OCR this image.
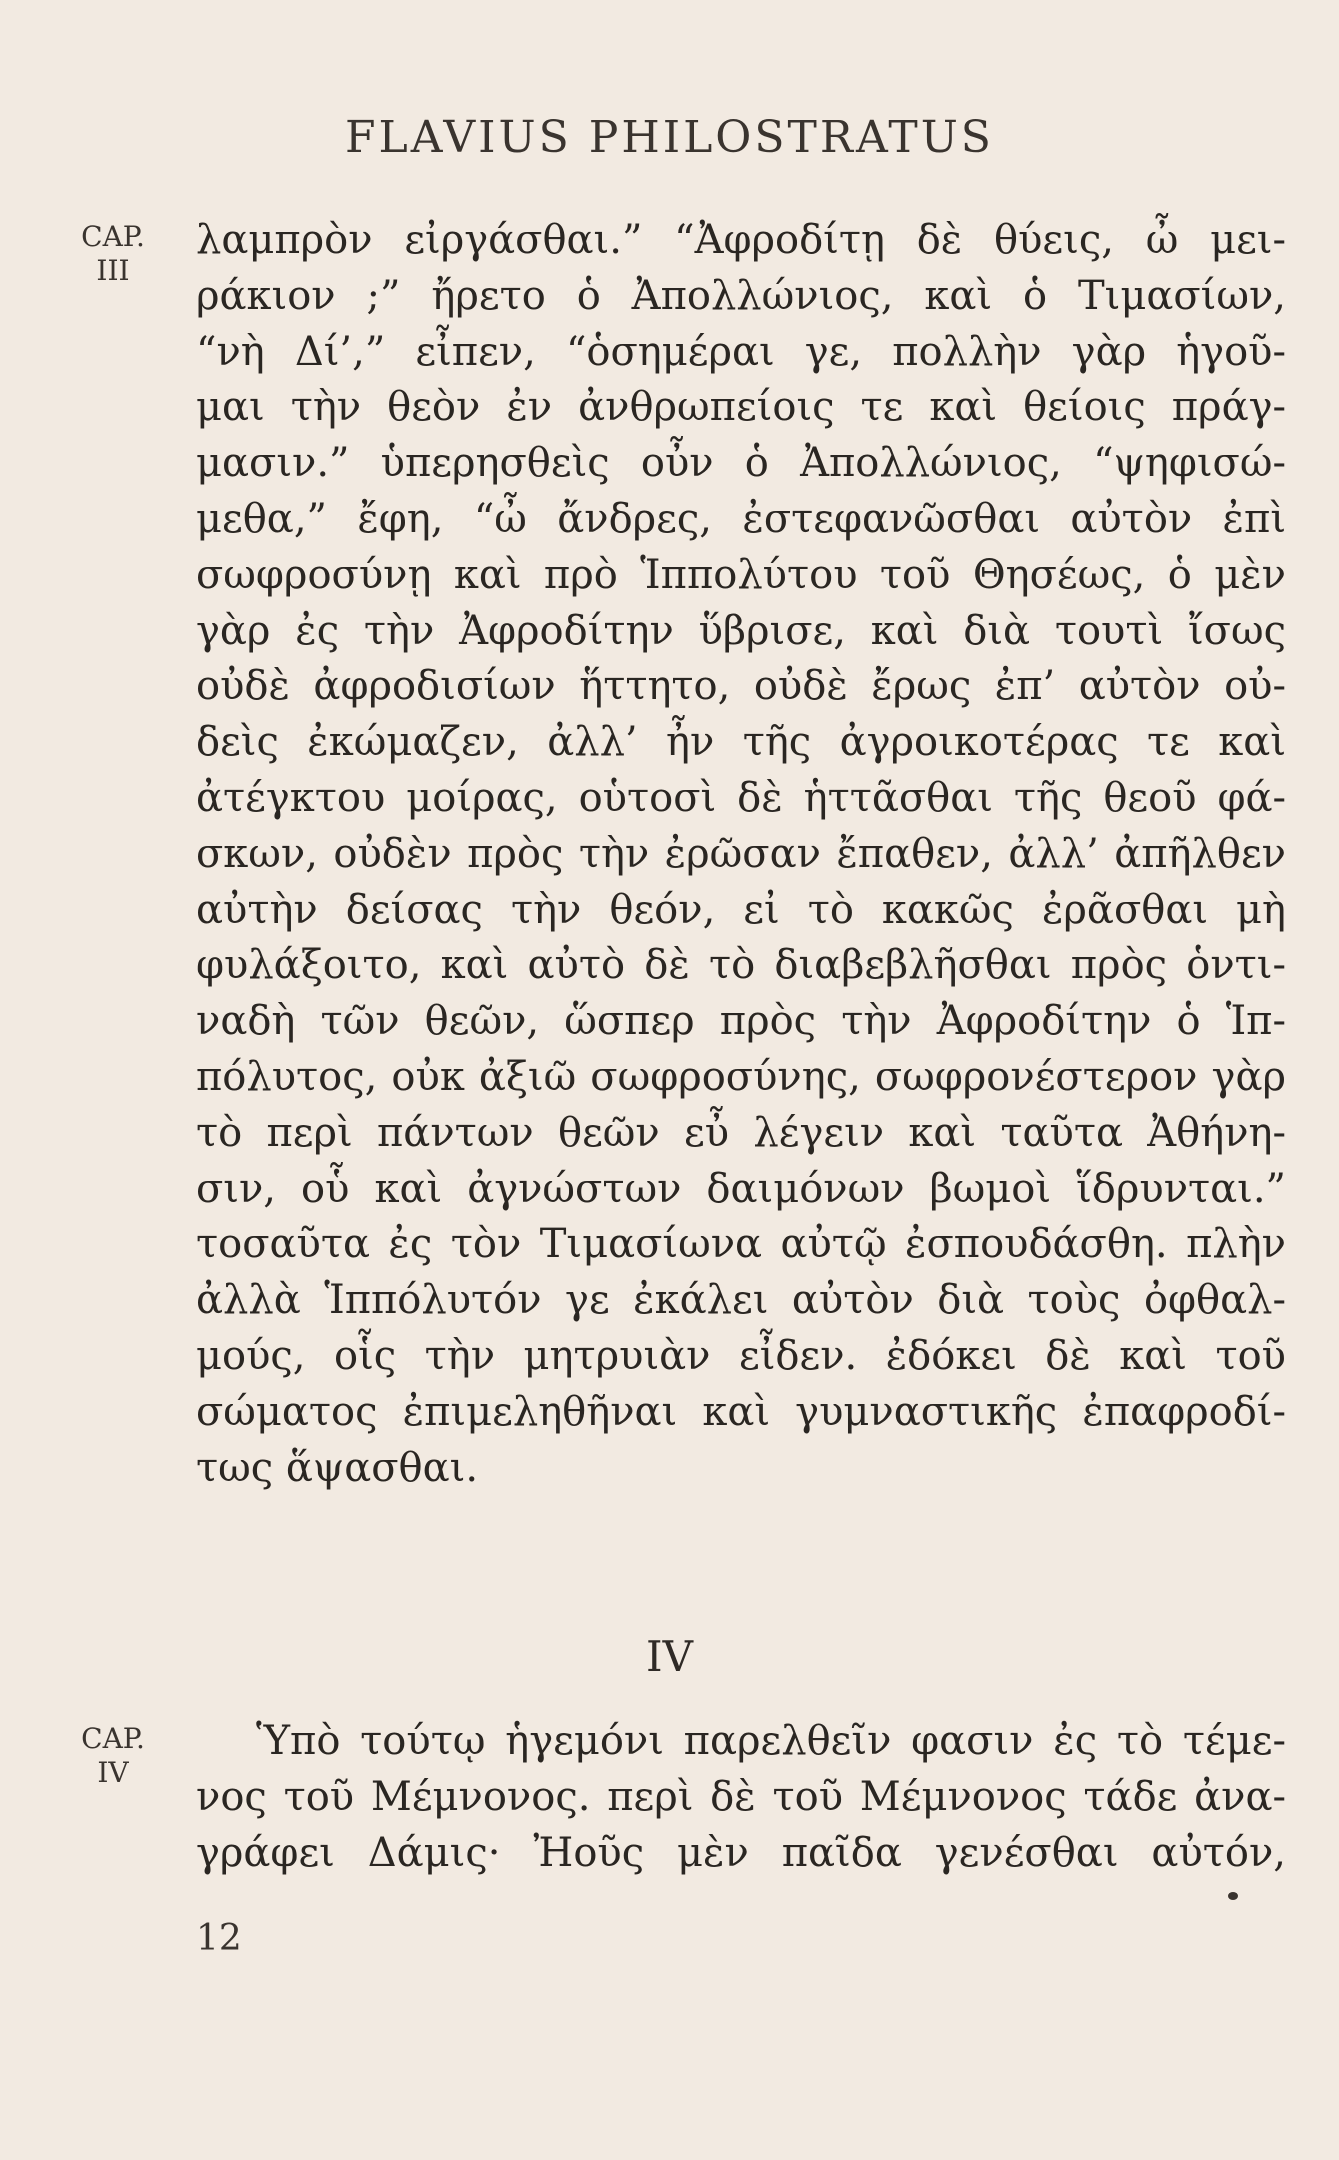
FLAVIUS PHILOSTRATUS
CAP.
III
λαμπρὸν εἰργάσθαι.” “Ἀφροδίτῃ δὲ θύεις, ὦ μει-
ράκιον ;” ἤρετο ὁ Ἀπολλώνιος, καὶ ὁ Τιμασίων,
“νὴ Δί’,” εἶπεν, “ὁσημέραι γε, πολλὴν γὰρ ἡγοῦ-
μαι τὴν θεὸν ἐν ἀνθρωπείοις τε καὶ θείοις πράγ-
μασιν.” ὑπερησθεὶς οὖν ὁ Ἀπολλώνιος, “ψηφισώ-
μεθα,” ἔφη, “ὦ ἄνδρες, ἐστεφανῶσθαι αὐτὸν ἐπὶ
σωφροσύνῃ καὶ πρὸ Ἱππολύτου τοῦ Θησέως, ὁ μὲν
γὰρ ἐς τὴν Ἀφροδίτην ὕβρισε, καὶ διὰ τουτὶ ἴσως
οὐδὲ ἀφροδισίων ἥττητο, οὐδὲ ἔρως ἐπ’ αὐτὸν οὐ-
δεὶς ἐκώμαζεν, ἀλλ’ ἦν τῆς ἀγροικοτέρας τε καὶ
ἀτέγκτου μοίρας, οὑτοσὶ δὲ ἡττᾶσθαι τῆς θεοῦ φά-
σκων, οὐδὲν πρὸς τὴν ἐρῶσαν ἔπαθεν, ἀλλ’ ἀπῆλθεν
αὐτὴν δείσας τὴν θεόν, εἰ τὸ κακῶς ἐρᾶσθαι μὴ
φυλάξοιτο, καὶ αὐτὸ δὲ τὸ διαβεβλῆσθαι πρὸς ὁντι-
ναδὴ τῶν θεῶν, ὥσπερ πρὸς τὴν Ἀφροδίτην ὁ Ἱπ-
πόλυτος, οὐκ ἀξιῶ σωφροσύνης, σωφρονέστερον γὰρ
τὸ περὶ πάντων θεῶν εὖ λέγειν καὶ ταῦτα Ἀθήνη-
σιν, οὗ καὶ ἀγνώστων δαιμόνων βωμοὶ ἵδρυνται.”
τοσαῦτα ἐς τὸν Τιμασίωνα αὐτῷ ἐσπουδάσθη. πλὴν
ἀλλὰ Ἱππόλυτόν γε ἐκάλει αὐτὸν διὰ τοὺς ὀφθαλ-
μούς, οἷς τὴν μητρυιὰν εἶδεν. ἐδόκει δὲ καὶ τοῦ
σώματος ἐπιμεληθῆναι καὶ γυμναστικῆς ἐπαφροδί-
τως ἅψασθαι.
IV
CAP.
IV
Ὑπὸ τούτῳ ἡγεμόνι παρελθεῖν φασιν ἐς τὸ τέμε-
νος τοῦ Μέμνονος. περὶ δὲ τοῦ Μέμνονος τάδε ἀνα-
γράφει Δάμις· Ἠοῦς μὲν παῖδα γενέσθαι αὐτόν,
12
